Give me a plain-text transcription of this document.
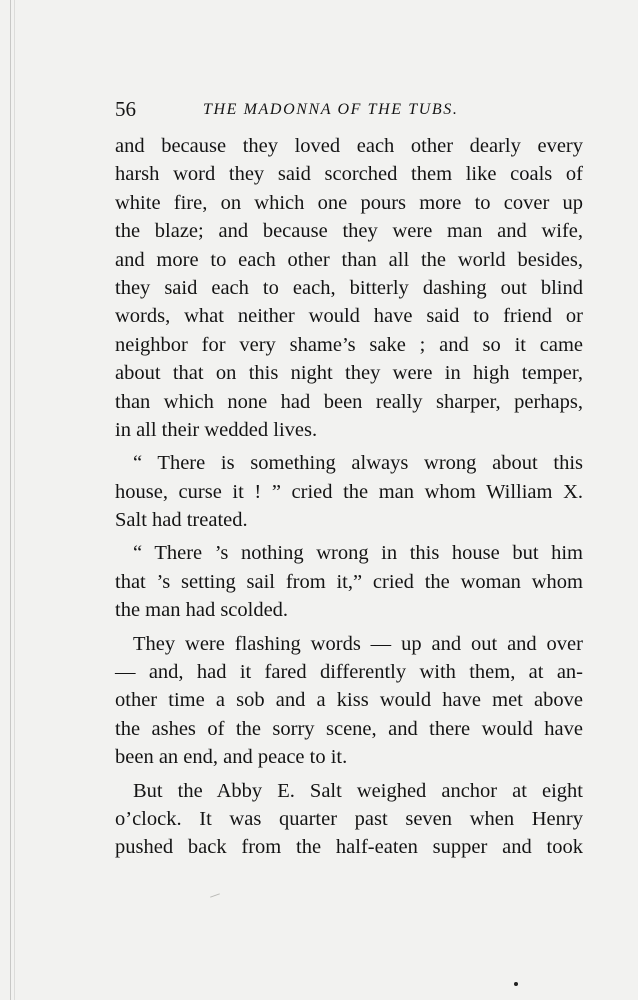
56	THE MADONNA OF THE TUBS.
and because they loved each other dearly every
harsh word they said scorched them like coals of
white fire, on which one pours more to cover up
the blaze; and because they were man and wife,
and more to each other than all the world besides,
they said each to each, bitterly dashing out blind
words, what neither would have said to friend or
neighbor for very shame’s sake ; and so it came
about that on this night they were in high temper,
than which none had been really sharper, perhaps,
in all their wedded lives.
“ There is something always wrong about this
house, curse it ! ” cried the man whom William X.
Salt had treated.
“ There ’s nothing wrong in this house but him
that ’s setting sail from it,” cried the woman whom
the man had scolded.
They were flashing words — up and out and over
— and, had it fared differently with them, at an-
other time a sob and a kiss would have met above
the ashes of the sorry scene, and there would have
been an end, and peace to it.
But the Abby E. Salt weighed anchor at eight
o’clock. It was quarter past seven when Henry
pushed back from the half-eaten supper and took
